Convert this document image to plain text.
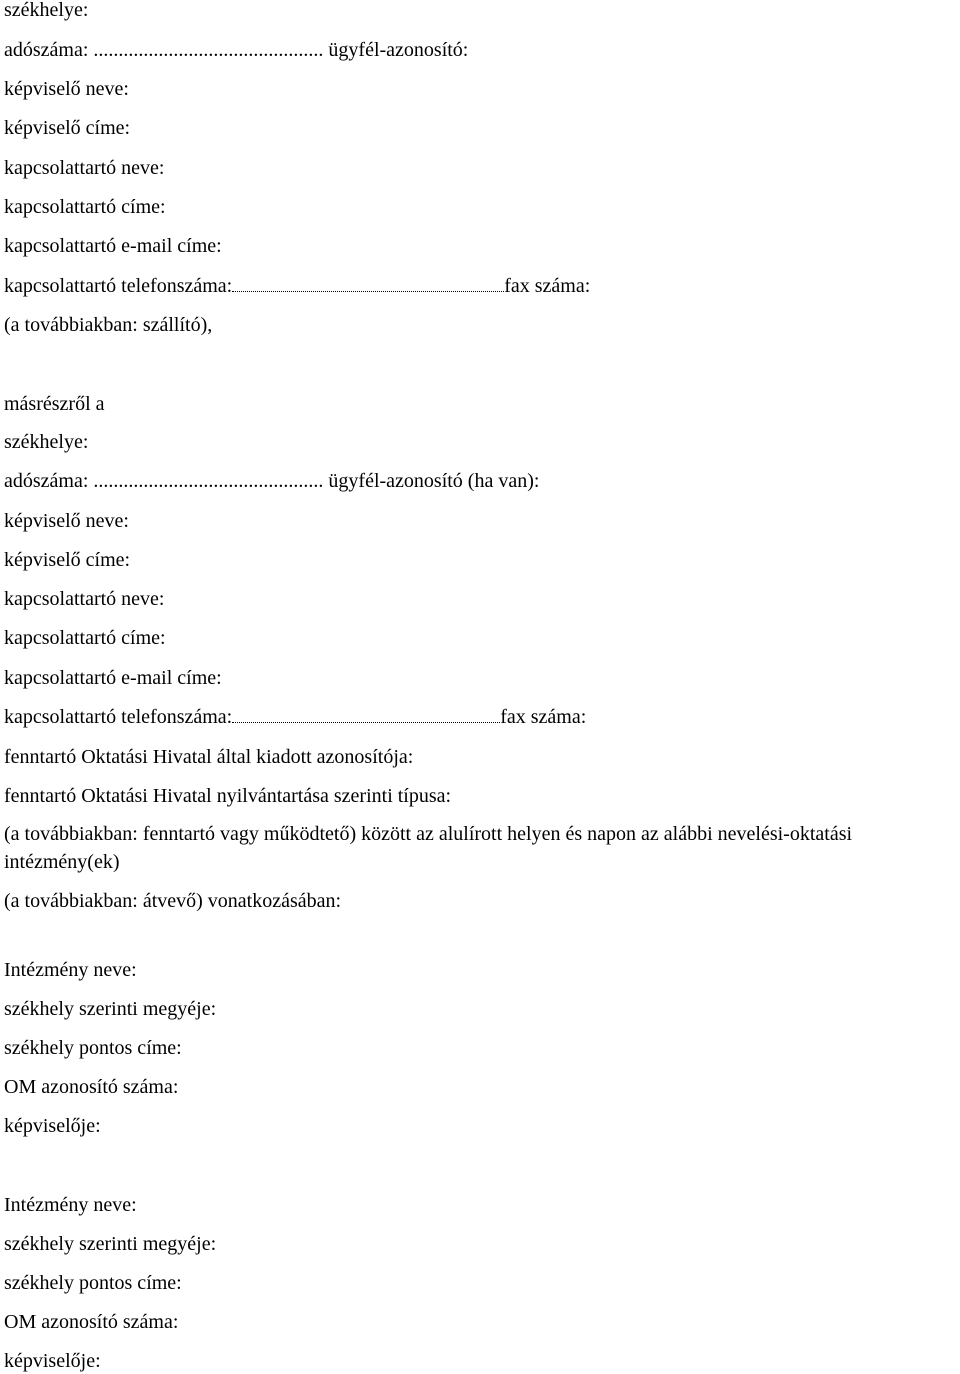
székhelye:
adószáma: .............................................. ügyfél-azonosító:
képviselő neve:
képviselő címe:
kapcsolattartó neve:
kapcsolattartó címe:
kapcsolattartó e-mail címe:
kapcsolattartó telefonszáma:	fax száma:
(a továbbiakban: szállító),
másrészről a
székhelye:
adószáma: .............................................. ügyfél-azonosító (ha van):
képviselő neve:
képviselő címe:
kapcsolattartó neve:
kapcsolattartó címe:
kapcsolattartó e-mail címe:
kapcsolattartó telefonszáma:	fax száma:
fenntartó Oktatási Hivatal által kiadott azonosítója:
fenntartó Oktatási Hivatal nyilvántartása szerinti típusa:
(a továbbiakban: fenntartó vagy működtető) között az alulírott helyen és napon az alábbi nevelési-oktatási intézmény(ek)
(a továbbiakban: átvevő) vonatkozásában:
Intézmény neve:
székhely szerinti megyéje:
székhely pontos címe:
OM azonosító száma:
képviselője:
Intézmény neve:
székhely szerinti megyéje:
székhely pontos címe:
OM azonosító száma:
képviselője:
